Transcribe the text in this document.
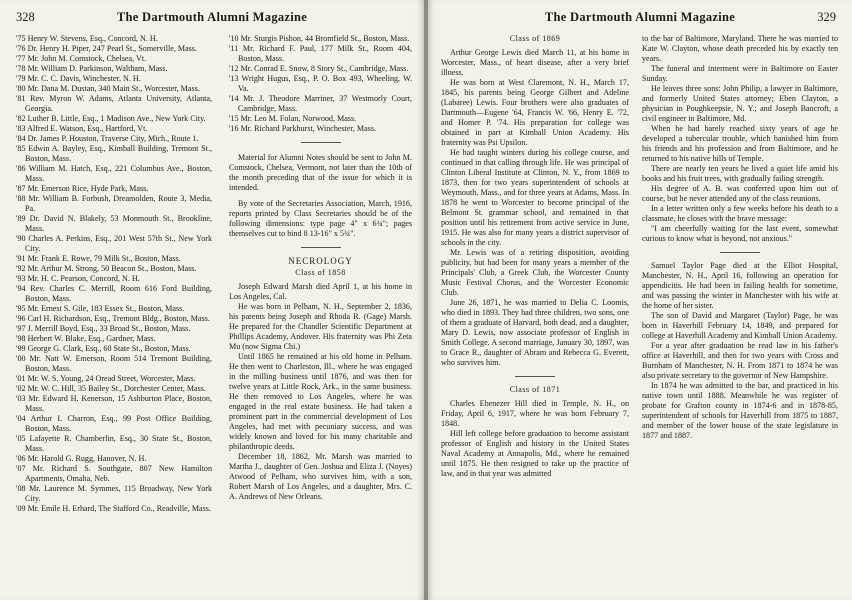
328	The Dartmouth Alumni Magazine

'75 Henry W. Stevens, Esq., Concord, N. H.

'76 Dr. Henry H. Piper, 247 Pearl St., Somerville, Mass.

'77 Mr. John M. Comstock, Chelsea, Vt.

'78 Mr. William D. Parkinson, Waltham, Mass.

'79 Mr. C. C. Davis, Winchester, N. H.

'80 Mr. Dana M. Dustan, 340 Main St., Worcester, Mass.

'81 Rev. Myron W. Adams, Atlanta University, Atlanta, Georgia.

'82 Luther B. Little, Esq., 1 Madison Ave., New York City.

'83 Alfred E. Watson, Esq., Hartford, Vt.

'84 Dr. James P. Houston, Traverse City, Mich., Route 1.

'85 Edwin A. Bayley, Esq., Kimball Building, Tremont St., Boston, Mass.

'86 William M. Hatch, Esq., 221 Columbus Ave., Boston, Mass.

'87 Mr. Emerson Rice, Hyde Park, Mass.

'88 Mr. William B. Forbush, Dreamolden, Route 3, Media, Pa.

'89 Dr. David N. Blakely, 53 Monmouth St., Brookline, Mass.

'90 Charles A. Perkins, Esq., 201 West 57th St., New York City.

'91 Mr. Frank E. Rowe, 79 Milk St., Boston, Mass.

'92 Mr. Arthur M. Strong, 50 Beacon St., Boston, Mass.

'93 Mr. H. C. Pearson, Concord, N. H.

'94 Rev. Charles C. Merrill, Room 616 Ford Building, Boston, Mass.

'95 Mr. Ernest S. Gile, 183 Essex St., Boston, Mass.

'96 Carl H. Richardson, Esq., Tremont Bldg., Boston, Mass.

'97 J. Merrill Boyd, Esq., 33 Broad St., Boston, Mass.

'98 Herbert W. Blake, Esq., Gardner, Mass.

'99 George G. Clark, Esq., 60 State St., Boston, Mass.

'00 Mr. Natt W. Emerson, Room 514 Tremont Building, Boston, Mass.

'01 Mr. W. S. Young, 24 Oread Street, Worcester, Mass.

'02 Mr. W. C. Hill, 35 Bailey St., Dorchester Center, Mass.

'03 Mr. Edward H. Kenerson, 15 Ashburton Place, Boston, Mass.

'04 Arthur I. Charron, Esq., 99 Post Office Building, Boston, Mass.

'05 Lafayette R. Chamberlin, Esq., 30 State St., Boston, Mass.

'06 Mr. Harold G. Rugg, Hanover, N. H.

'07 Mr. Richard S. Southgate, 807 New Hamilton Apartments, Omaha, Neb.

'08 Mr. Laurence M. Symmes, 115 Broadway, New York City.

'09 Mr. Emile H. Erhard, The Stafford Co., Readville, Mass.

'10 Mr. Sturgis Pishon, 44 Bromfield St., Boston, Mass.

'11 Mr. Richard F. Paul, 177 Milk St., Room 404, Boston, Mass.

'12 Mr. Conrad E. Snow, 8 Story St., Cambridge, Mass.

'13 Wright Hugus, Esq., P. O. Box 493, Wheeling, W. Va.

'14 Mr. J. Theodore Marriner, 37 Westmorly Court, Cambridge, Mass.

'15 Mr. Leo M. Folan, Norwood, Mass.

'16 Mr. Richard Parkhurst, Winchester, Mass.

Material for Alumni Notes should be sent to John M. Comstock, Chelsea, Vermont, not later than the 10th of the month preceding that of the issue for which it is intended.

By vote of the Secretaries Association, March, 1916, reports printed by Class Secretaries should be of the following dimensions: type page 4" x 6¾"; pages themselves cut to bind 8 13-16" x 5¾".

NECROLOGY
Class of 1858

Joseph Edward Marsh died April 1, at his home in Los Angeles, Cal.

He was born in Pelham, N. H., September 2, 1836, his parents being Joseph and Rhoda R. (Gage) Marsh. He prepared for the Chandler Scientific Department at Phillips Academy, Andover. His fraternity was Phi Zeta Mu (now Sigma Chi.)

Until 1865 he remained at his old home in Pelham. He then went to Charleston, Ill., where he was engaged in the milling business until 1876, and was then for twelve years at Little Rock, Ark., in the same business. He then removed to Los Angeles, where he was engaged in the real estate business. He had taken a prominent part in the commercial development of Los Angeles, had met with pecuniary success, and was widely known and loved for his many charitable and philanthropic deeds.

December 18, 1862, Mr. Marsh was married to Martha J., daughter of Gen. Joshua and Eliza J. (Noyes) Atwood of Pelham, who survives him, with a son, Robert Marsh of Los Angeles, and a daughter, Mrs. C. A. Andrews of New Orleans.

The Dartmouth Alumni Magazine	329
Class of 1869

Arthur George Lewis died March 11, at his home in Worcester, Mass., of heart disease, after a very brief illness.

He was born at West Claremont, N. H., March 17, 1845, his parents being George Gilbert and Adeline (Labaree) Lewis. Four brothers were also graduates of Dartmouth—Eugene '64, Francis W. '66, Henry E. '72, and Homer P. '74. His preparation for college was obtained in part at Kimball Union Academy. His fraternity was Psi Upsilon.

He had taught winters during his college course, and continued in that calling through life. He was principal of Clinton Liberal Institute at Clinton, N. Y., from 1869 to 1873, then for two years superintendent of schools at Weymouth, Mass., and for three years at Adams, Mass. In 1878 he went to Worcester to become principal of the Belmont St. grammar school, and remained in that position until his retirement from active service in June, 1915. He was also for many years a district supervisor of schools in the city.

Mr. Lewis was of a retiring disposition, avoiding publicity, but had been for many years a member of the Principals' Club, a Greek Club, the Worcester County Music Festival Chorus, and the Worcester Economic Club.

June 26, 1871, he was married to Delia C. Loomis, who died in 1893. They had three children, two sons, one of them a graduate of Harvard, both dead, and a daughter, Mary D. Lewis, now associate professor of English in Smith College. A second marriage, January 30, 1897, was to Grace R., daughter of Abram and Rebecca G. Everett, who survives him.

Class of 1871

Charles Ebenezer Hill died in Temple, N. H., on Friday, April 6, 1917, where he was born February 7, 1848.

Hill left college before graduation to become assistant professor of English and history in the United States Naval Academy at Annapolis, Md., where he remained until 1875. He then resigned to take up the practice of law, and in that year was admitted

to the bar of Baltimore, Maryland. There he was married to Kate W. Clayton, whose death preceded his by exactly ten years.

The funeral and interment were in Baltimore on Easter Sunday.

He leaves three sons: John Philip, a lawyer in Baltimore, and formerly United States attorney; Eben Clayton, a physician in Poughkeepsie, N. Y.; and Joseph Bancroft, a civil engineer in Baltimore, Md.

When he had barely reached sixty years of age he developed a tubercular trouble, which banished him from his friends and his profession and from Baltimore, and he returned to his native hills of Temple.

There are nearly ten years he lived a quiet life amid his books and his fruit trees, with gradually failing strength.

His degree of A. B. was conferred upon him out of course, but he never attended any of the class reunions.

In a letter written only a few weeks before his death to a classmate, he closes with the brave message:

"I am cheerfully waiting for the last event, somewhat curious to know what is beyond, not anxious."

Samuel Taylor Page died at the Elliot Hospital, Manchester, N. H., April 16, following an operation for appendicitis. He had been in failing health for sometime, and was passing the winter in Manchester with his wife at the home of her sister.

The son of David and Margaret (Taylor) Page, he was born in Haverhill February 14, 1849, and prepared for college at Haverhill Academy and Kimball Union Academy.

For a year after graduation he read law in his father's office at Haverhill, and then for two years with Cross and Burnham of Manchester, N. H. From 1871 to 1874 he was also private secretary to the governor of New Hampshire.

In 1874 he was admitted to the bar, and practiced in his native town until 1888. Meanwhile he was register of probate for Grafton county in 1874-6 and in 1878-85, superintendent of schools for Haverhill from 1875 to 1887, and member of the lower house of the state legislature in 1877 and 1887.
